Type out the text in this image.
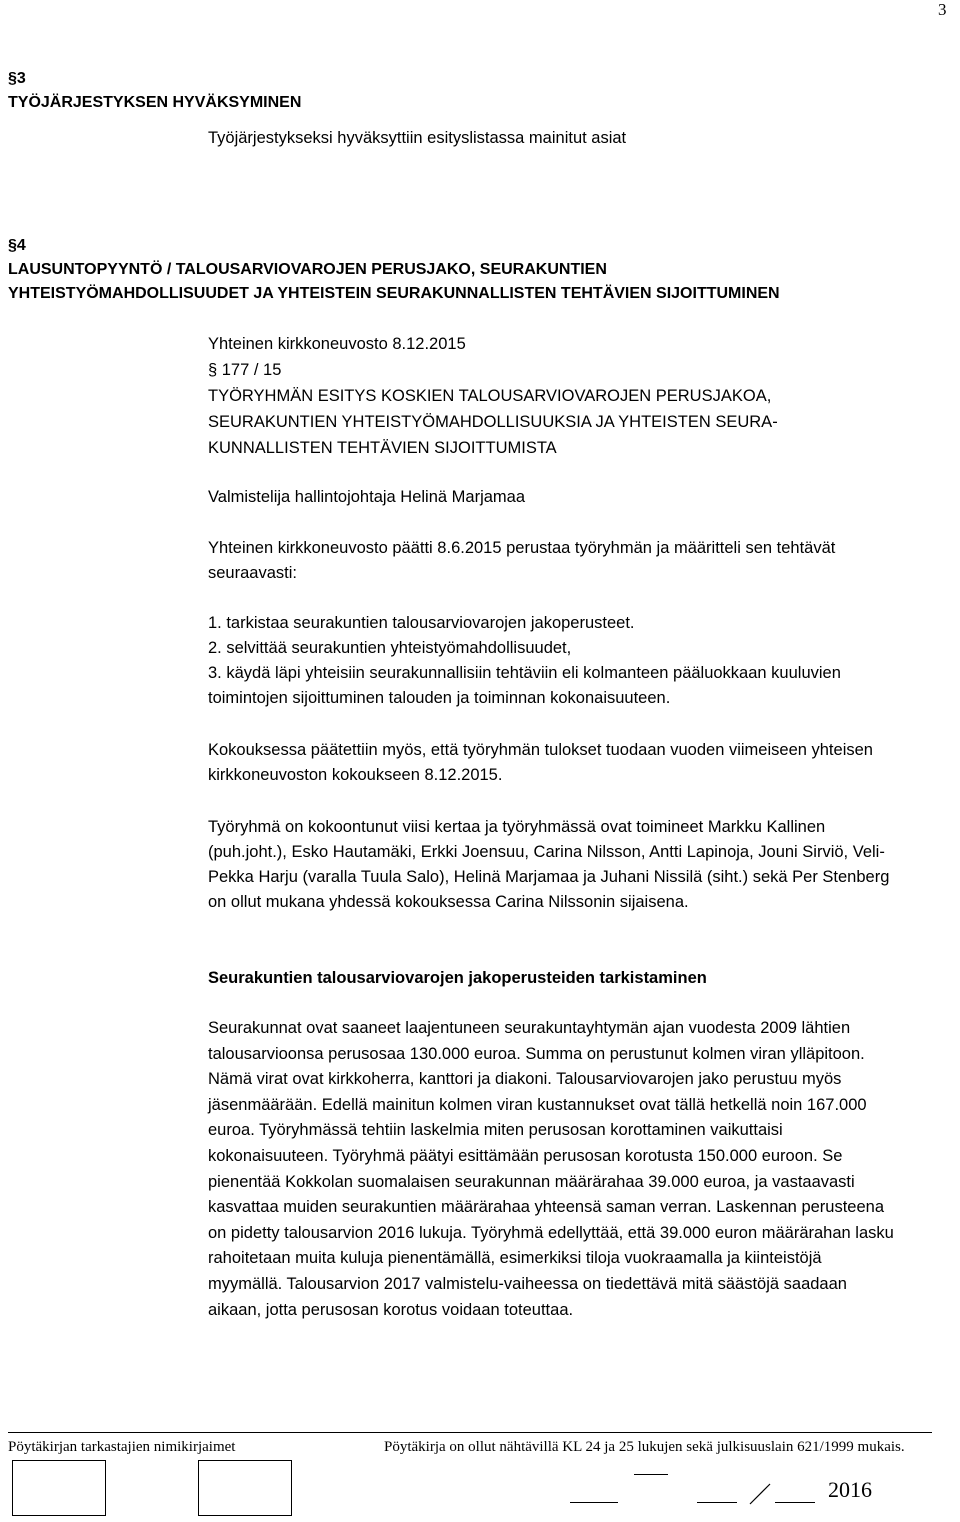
3
§3
TYÖJÄRJESTYKSEN HYVÄKSYMINEN
Työjärjestykseksi hyväksyttiin esityslistassa mainitut asiat
§4
LAUSUNTOPYYNTÖ / TALOUSARVIOVAROJEN PERUSJAKO, SEURAKUNTIEN
YHTEISTYÖMAHDOLLISUUDET JA YHTEISTEIN SEURAKUNNALLISTEN TEHTÄVIEN SIJOITTUMINEN
Yhteinen kirkkoneuvosto 8.12.2015
§ 177 / 15
TYÖRYHMÄN ESITYS KOSKIEN TALOUSARVIOVAROJEN PERUSJAKOA,
SEURAKUNTIEN YHTEISTYÖMAHDOLLISUUKSIA JA YHTEISTEN SEURA-
KUNNALLISTEN TEHTÄVIEN SIJOITTUMISTA
Valmistelija hallintojohtaja Helinä Marjamaa
Yhteinen kirkkoneuvosto päätti 8.6.2015 perustaa työryhmän ja määritteli sen tehtävät seuraavasti:
1. tarkistaa seurakuntien talousarviovarojen jakoperusteet.
2. selvittää seurakuntien yhteistyömahdollisuudet,
3. käydä läpi yhteisiin seurakunnallisiin tehtäviin eli kolmanteen pääluokkaan kuuluvien toimintojen sijoittuminen talouden ja toiminnan kokonaisuuteen.
Kokouksessa päätettiin myös, että työryhmän tulokset tuodaan vuoden viimeiseen yhteisen kirkkoneuvoston kokoukseen 8.12.2015.
Työryhmä on kokoontunut viisi kertaa ja työryhmässä ovat toimineet Markku Kallinen (puh.joht.), Esko Hautamäki, Erkki Joensuu, Carina Nilsson, Antti Lapinoja, Jouni Sirviö, Veli-Pekka Harju (varalla Tuula Salo), Helinä Marjamaa ja Juhani Nissilä (siht.) sekä Per Stenberg on ollut mukana yhdessä kokouksessa Carina Nilssonin sijaisena.
Seurakuntien talousarviovarojen jakoperusteiden tarkistaminen
Seurakunnat ovat saaneet laajentuneen seurakuntayhtymän ajan vuodesta 2009 lähtien talousarvioonsa perusosaa 130.000 euroa. Summa on perustunut kolmen viran ylläpitoon. Nämä virat ovat kirkkoherra, kanttori ja diakoni. Talousarviovarojen jako perustuu myös jäsenmäärään. Edellä mainitun kolmen viran kustannukset ovat tällä hetkellä noin 167.000 euroa. Työryhmässä tehtiin laskelmia miten perusosan korottaminen vaikuttaisi kokonaisuuteen. Työryhmä päätyi esittämään perusosan korotusta 150.000 euroon. Se pienentää Kokkolan suomalaisen seurakunnan määrärahaa 39.000 euroa, ja vastaavasti kasvattaa muiden seurakuntien määrärahaa yhteensä saman verran. Laskennan perusteena on pidetty talousarvion 2016 lukuja. Työryhmä edellyttää, että 39.000 euron määrärahan lasku rahoitetaan muita kuluja pienentämällä, esimerkiksi tiloja vuokraamalla ja kiinteistöjä myymällä. Talousarvion 2017 valmistelu-vaiheessa on tiedettävä mitä säästöjä saadaan aikaan, jotta perusosan korotus voidaan toteuttaa.
Pöytäkirjan tarkastajien nimikirjaimet	Pöytäkirja on ollut nähtävillä KL 24 ja 25 lukujen sekä julkisuuslain 621/1999 mukais.
2016
